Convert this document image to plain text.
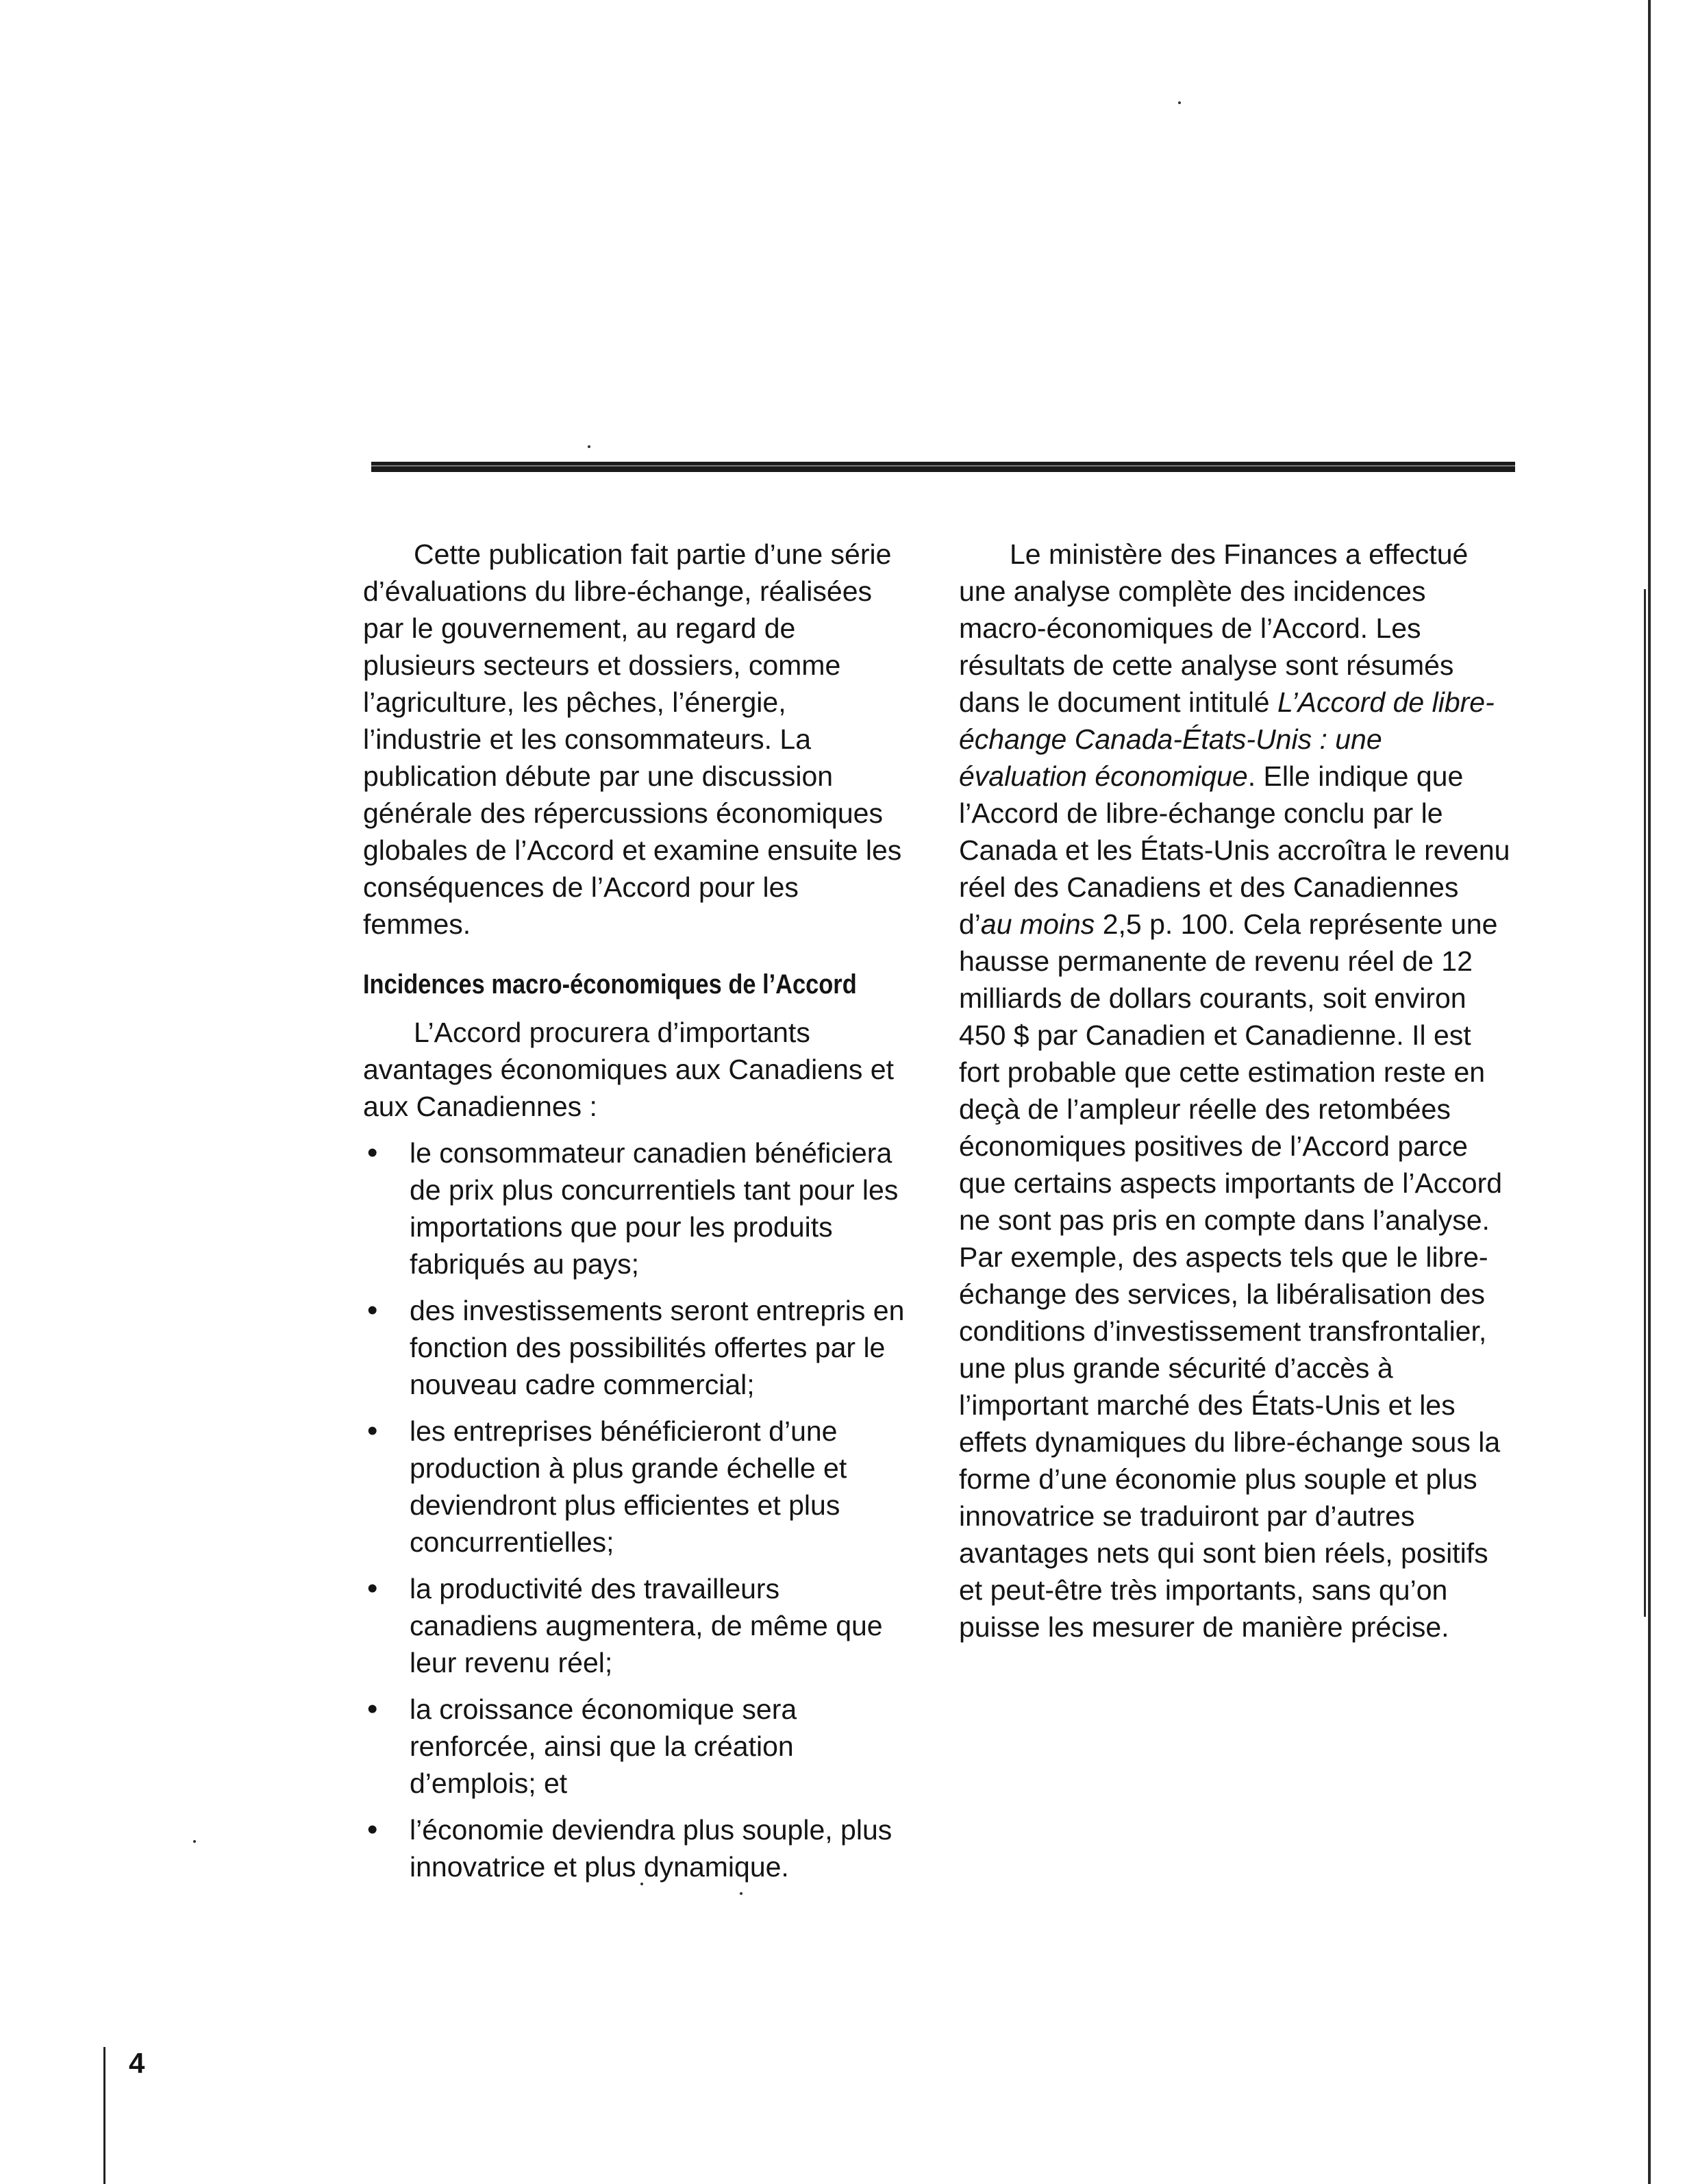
Cette publication fait partie d’une série d’évaluations du libre-échange, réalisées par le gouvernement, au regard de plusieurs secteurs et dossiers, comme l’agriculture, les pêches, l’énergie, l’industrie et les consommateurs. La publication débute par une discussion générale des répercussions économiques globales de l’Accord et examine ensuite les conséquences de l’Accord pour les femmes.

Incidences macro-économiques de l’Accord

L’Accord procurera d’importants avantages économiques aux Canadiens et aux Canadiennes :

• le consommateur canadien bénéficiera de prix plus concurrentiels tant pour les importations que pour les produits fabriqués au pays;
• des investissements seront entrepris en fonction des possibilités offertes par le nouveau cadre commercial;
• les entreprises bénéficieront d’une production à plus grande échelle et deviendront plus efficientes et plus concurrentielles;
• la productivité des travailleurs canadiens augmentera, de même que leur revenu réel;
• la croissance économique sera renforcée, ainsi que la création d’emplois; et
• l’économie deviendra plus souple, plus innovatrice et plus dynamique.

Le ministère des Finances a effectué une analyse complète des incidences macro-économiques de l’Accord. Les résultats de cette analyse sont résumés dans le document intitulé L’Accord de libre-échange Canada-États-Unis : une évaluation économique. Elle indique que l’Accord de libre-échange conclu par le Canada et les États-Unis accroîtra le revenu réel des Canadiens et des Canadiennes d’au moins 2,5 p. 100. Cela représente une hausse permanente de revenu réel de 12 milliards de dollars courants, soit environ 450 $ par Canadien et Canadienne. Il est fort probable que cette estimation reste en deçà de l’ampleur réelle des retombées économiques positives de l’Accord parce que certains aspects importants de l’Accord ne sont pas pris en compte dans l’analyse. Par exemple, des aspects tels que le libre-échange des services, la libéralisation des conditions d’investissement transfrontalier, une plus grande sécurité d’accès à l’important marché des États-Unis et les effets dynamiques du libre-échange sous la forme d’une économie plus souple et plus innovatrice se traduiront par d’autres avantages nets qui sont bien réels, positifs et peut-être très importants, sans qu’on puisse les mesurer de manière précise.

4
